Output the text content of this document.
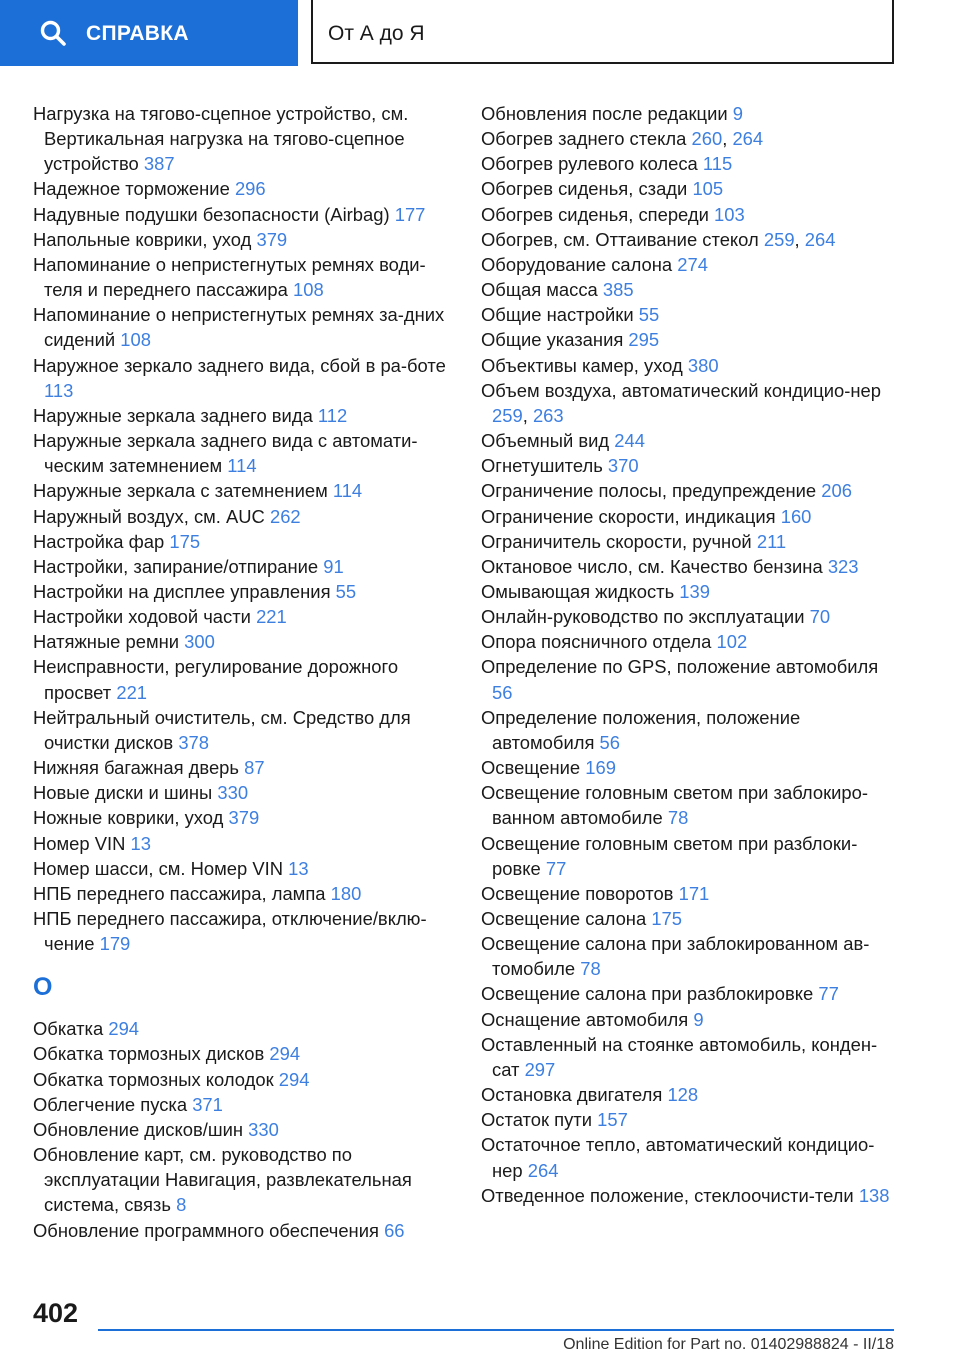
СПРАВКА	От А до Я
Нагрузка на тягово-сцепное устройство, см. Вертикальная нагрузка на тягово-сцепное устройство 387
Надежное торможение 296
Надувные подушки безопасности (Airbag) 177
Напольные коврики, уход 379
Напоминание о непристегнутых ремнях води-теля и переднего пассажира 108
Напоминание о непристегнутых ремнях за-дних сидений 108
Наружное зеркало заднего вида, сбой в ра-боте 113
Наружные зеркала заднего вида 112
Наружные зеркала заднего вида с автомати-ческим затемнением 114
Наружные зеркала с затемнением 114
Наружный воздух, см. AUC 262
Настройка фар 175
Настройки, запирание/отпирание 91
Настройки на дисплее управления 55
Настройки ходовой части 221
Натяжные ремни 300
Неисправности, регулирование дорожного просвет 221
Нейтральный очиститель, см. Средство для очистки дисков 378
Нижняя багажная дверь 87
Новые диски и шины 330
Ножные коврики, уход 379
Номер VIN 13
Номер шасси, см. Номер VIN 13
НПБ переднего пассажира, лампа 180
НПБ переднего пассажира, отключение/вклю-чение 179
О
Обкатка 294
Обкатка тормозных дисков 294
Обкатка тормозных колодок 294
Облегчение пуска 371
Обновление дисков/шин 330
Обновление карт, см. руководство по эксплуатации Навигация, развлекательная система, связь 8
Обновление программного обеспечения 66
Обновления после редакции 9
Обогрев заднего стекла 260, 264
Обогрев рулевого колеса 115
Обогрев сиденья, сзади 105
Обогрев сиденья, спереди 103
Обогрев, см. Оттаивание стекол 259, 264
Оборудование салона 274
Общая масса 385
Общие настройки 55
Общие указания 295
Объективы камер, уход 380
Объем воздуха, автоматический кондицио-нер 259, 263
Объемный вид 244
Огнетушитель 370
Ограничение полосы, предупреждение 206
Ограничение скорости, индикация 160
Ограничитель скорости, ручной 211
Октановое число, см. Качество бензина 323
Омывающая жидкость 139
Онлайн-руководство по эксплуатации 70
Опора поясничного отдела 102
Определение по GPS, положение автомобиля 56
Определение положения, положение автомобиля 56
Освещение 169
Освещение головным светом при заблокиро-ванном автомобиле 78
Освещение головным светом при разблоки-ровке 77
Освещение поворотов 171
Освещение салона 175
Освещение салона при заблокированном ав-томобиле 78
Освещение салона при разблокировке 77
Оснащение автомобиля 9
Оставленный на стоянке автомобиль, конден-сат 297
Остановка двигателя 128
Остаток пути 157
Остаточное тепло, автоматический кондицио-нер 264
Отведенное положение, стеклоочисти-тели 138
402
Online Edition for Part no. 01402988824 - II/18
